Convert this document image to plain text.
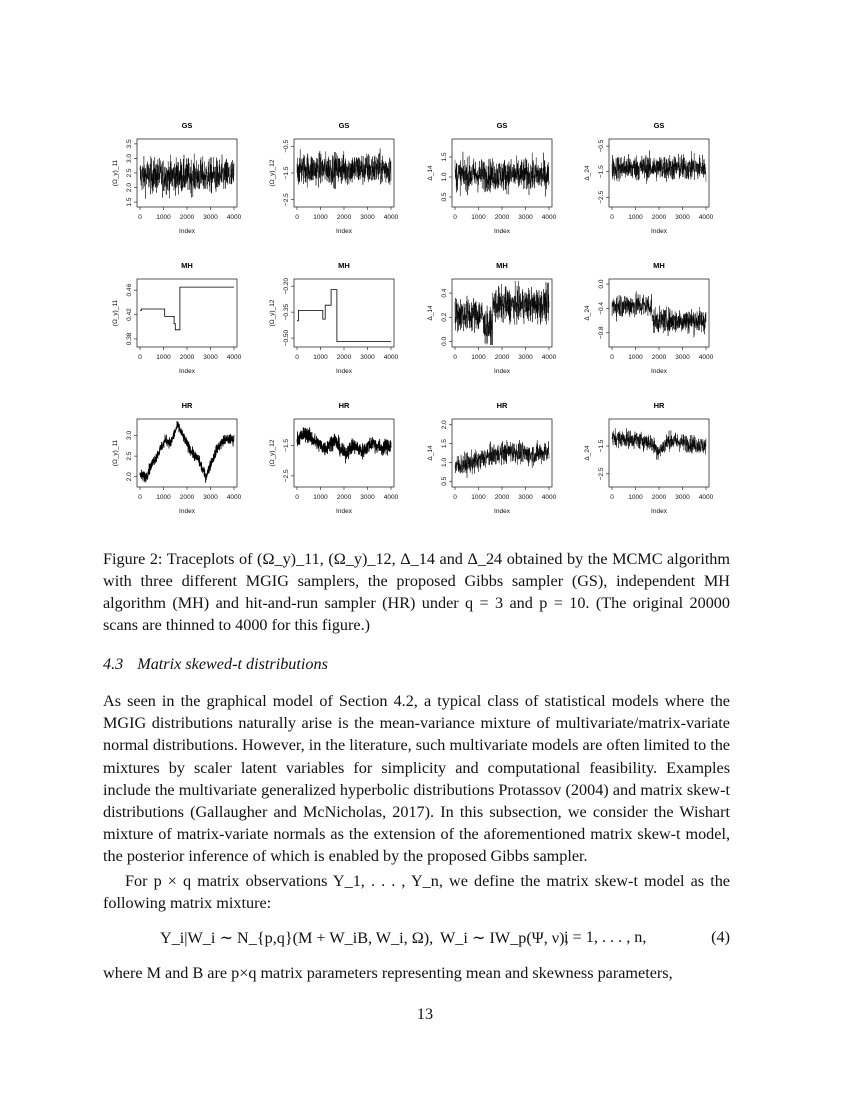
GS
1.5
2.0
2.5
3.0
3.5
(Ω_y)_11
0 1000 2000 3000 4000
Index
GS
−2.5
−1.5
−0.5
(Ω_y)_12
0 1000 2000 3000 4000
Index
GS
0.5
1.0
1.5
Δ_14
0 1000 2000 3000 4000
Index
GS
−2.5
−1.5
−0.5
Δ_24
0 1000 2000 3000 4000
Index
MH
0.38
0.42
0.46
(Ω_y)_11
0 1000 2000 3000 4000
Index
MH
−0.50
−0.35
−0.20
(Ω_y)_12
0 1000 2000 3000 4000
Index
MH
0.0
0.2
0.4
Δ_14
0 1000 2000 3000 4000
Index
MH
−0.8
−0.4
0.0
Δ_24
0 1000 2000 3000 4000
Index
HR
2.0
2.5
3.0
(Ω_y)_11
0 1000 2000 3000 4000
Index
HR
−2.5
−1.5
(Ω_y)_12
0 1000 2000 3000 4000
Index
HR
0.5
1.0
1.5
2.0
Δ_14
0 1000 2000 3000 4000
Index
HR
−2.5
−1.5
Δ_24
0 1000 2000 3000 4000
Index
Figure 2: Traceplots of (Ω_y)_11, (Ω_y)_12, Δ_14 and Δ_24 obtained by the MCMC algorithm with three different MGIG samplers, the proposed Gibbs sampler (GS), independent MH algorithm (MH) and hit-and-run sampler (HR) under q = 3 and p = 10. (The original 20000 scans are thinned to 4000 for this figure.)
4.3 Matrix skewed-t distributions
As seen in the graphical model of Section 4.2, a typical class of statistical models where the MGIG distributions naturally arise is the mean-variance mixture of multivariate/matrix-variate normal distributions. However, in the literature, such multivariate models are often limited to the mixtures by scaler latent variables for simplicity and computational feasibility. Examples include the multivariate generalized hyperbolic distributions Protassov (2004) and matrix skew-t distributions (Gallaugher and McNicholas, 2017). In this subsection, we consider the Wishart mixture of matrix-variate normals as the extension of the aforementioned matrix skew-t model, the posterior inference of which is enabled by the proposed Gibbs sampler.
For p × q matrix observations Y_1, . . . , Y_n, we define the matrix skew-t model as the following matrix mixture:
Y_i|W_i ∼ N_{p,q}(M + W_iB, W_i, Ω), W_i ∼ IW_p(Ψ, ν),
i = 1, . . . , n,	(4)
where M and B are p×q matrix parameters representing mean and skewness parameters,
13
